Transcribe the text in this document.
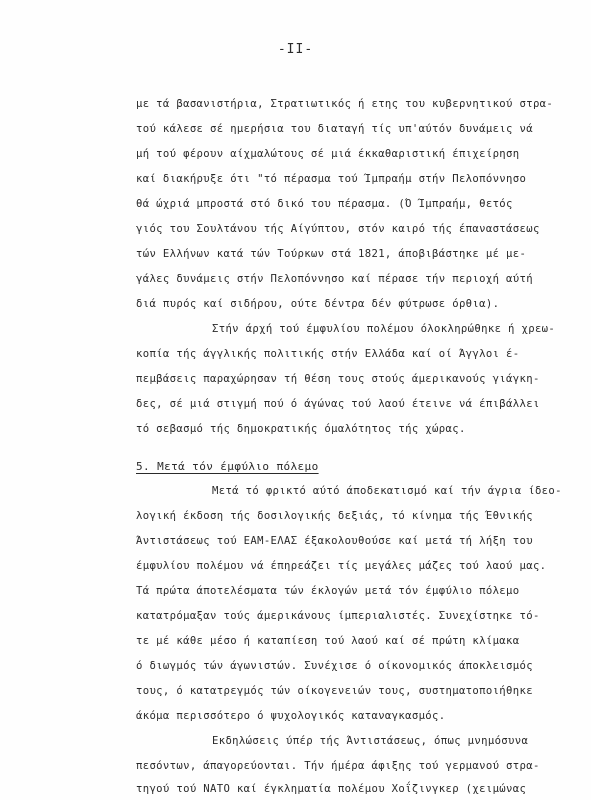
-II-
με τά βασανιστήρια, Στρατιωτικός ή ετης του κυβερνητικού στρα-
τού κάλεσε σέ ημερήσια του διαταγή τίς υπ'αύτόν δυνάμεις νά
μή τού φέρουν αίχμαλώτους σέ μιά έκκαθαριστική έπιχείρηση
καί διακήρυξε ότι "τό πέρασμα τού Ίμπραήμ στήν Πελοπόννησο
θά ώχριά μπροστά στό δικό του πέρασμα. (Ό Ίμπραήμ, θετός
γιός του Σουλτάνου τής Αίγύπτου, στόν καιρό τής έπαναστάσεως
τών Ελλήνων κατά τών Τούρκων στά 1821, άποβιβάστηκε μέ με-
γάλες δυνάμεις στήν Πελοπόννησο καί πέρασε τήν περιοχή αύτή
διά πυρός καί σιδήρου, ούτε δέντρα δέν φύτρωσε όρθια).
Στήν άρχή τού έμφυλίου πολέμου όλοκληρώθηκε ή χρεω-
κοπία τής άγγλικής πολιτικής στήν Ελλάδα καί οί Άγγλοι έ-
πεμβάσεις παραχώρησαν τή θέση τους στούς άμερικανούς γιάγκη-
δες, σέ μιά στιγμή πού ό άγώνας τού λαού έτεινε νά έπιβάλλει
τό σεβασμό τής δημοκρατικής όμαλότητος τής χώρας.
5. Μετά τόν έμφύλιο πόλεμο
Μετά τό φρικτό αύτό άποδεκατισμό καί τήν άγρια ίδεο-
λογική έκδοση τής δοσιλογικής δεξιάς, τό κίνημα τής Έθνικής
Άντιστάσεως τού ΕΑΜ-ΕΛΑΣ έξακολουθούσε καί μετά τή λήξη του
έμφυλίου πολέμου νά έπηρεάζει τίς μεγάλες μάζες τού λαού μας.
Τά πρώτα άποτελέσματα τών έκλογών μετά τόν έμφύλιο πόλεμο
κατατρόμαξαν τούς άμερικάνους ίμπεριαλιστές. Συνεχίστηκε τό-
τε μέ κάθε μέσο ή καταπίεση τού λαού καί σέ πρώτη κλίμακα
ό διωγμός τών άγωνιστών. Συνέχισε ό οίκονομικός άποκλεισμός
τους, ό κατατρεγμός τών οίκογενειών τους, συστηματοποιήθηκε
άκόμα περισσότερο ό ψυχολογικός καταναγκασμός.
Εκδηλώσεις ύπέρ τής Άντιστάσεως, όπως μνημόσυνα
πεσόντων, άπαγορεύονται. Τήν ήμέρα άφιξης τού γερμανού στρα-
τηγού τού ΝΑΤΟ καί έγκληματία πολέμου Χοΐζινγκερ (χειμώνας
